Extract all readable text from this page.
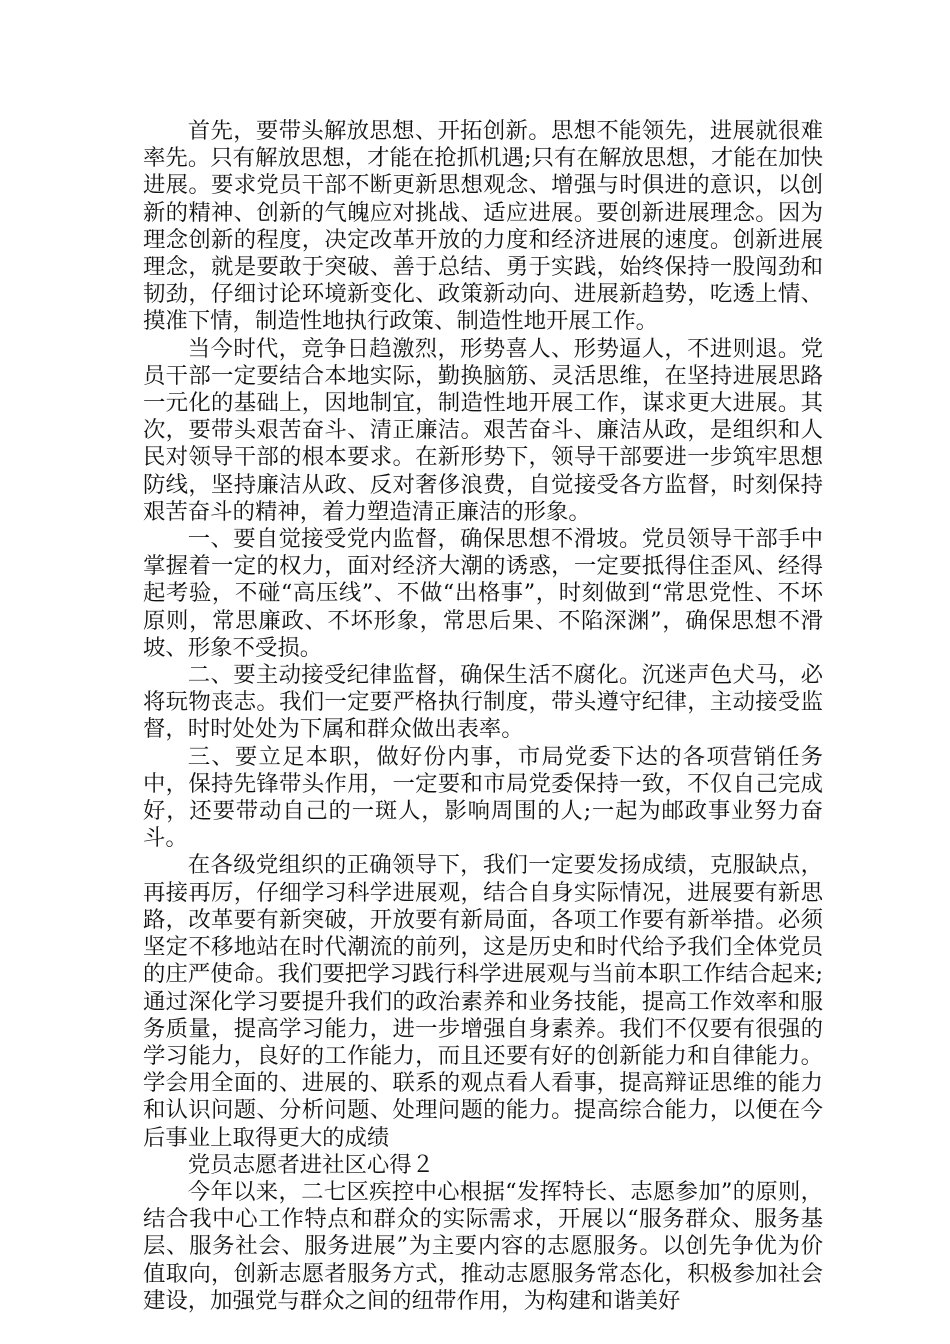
首先，要带头解放思想、开拓创新。思想不能领先，进展就很难率先。只有解放思想，才能在抢抓机遇;只有在解放思想，才能在加快进展。要求党员干部不断更新思想观念、增强与时俱进的意识，以创新的精神、创新的气魄应对挑战、适应进展。要创新进展理念。因为理念创新的程度，决定改革开放的力度和经济进展的速度。创新进展理念，就是要敢于突破、善于总结、勇于实践，始终保持一股闯劲和韧劲，仔细讨论环境新变化、政策新动向、进展新趋势，吃透上情、摸准下情，制造性地执行政策、制造性地开展工作。

当今时代，竞争日趋激烈，形势喜人、形势逼人，不进则退。党员干部一定要结合本地实际，勤换脑筋、灵活思维，在坚持进展思路一元化的基础上，因地制宜，制造性地开展工作，谋求更大进展。其次，要带头艰苦奋斗、清正廉洁。艰苦奋斗、廉洁从政，是组织和人民对领导干部的根本要求。在新形势下，领导干部要进一步筑牢思想防线，坚持廉洁从政、反对奢侈浪费，自觉接受各方监督，时刻保持艰苦奋斗的精神，着力塑造清正廉洁的形象。

一、要自觉接受党内监督，确保思想不滑坡。党员领导干部手中掌握着一定的权力，面对经济大潮的诱惑，一定要抵得住歪风、经得起考验，不碰“高压线”、不做“出格事”，时刻做到“常思党性、不坏原则，常思廉政、不坏形象，常思后果、不陷深渊”，确保思想不滑坡、形象不受损。

二、要主动接受纪律监督，确保生活不腐化。沉迷声色犬马，必将玩物丧志。我们一定要严格执行制度，带头遵守纪律，主动接受监督，时时处处为下属和群众做出表率。

三、要立足本职，做好份内事，市局党委下达的各项营销任务中，保持先锋带头作用，一定要和市局党委保持一致，不仅自己完成好，还要带动自己的一斑人，影响周围的人;一起为邮政事业努力奋斗。

在各级党组织的正确领导下，我们一定要发扬成绩，克服缺点，再接再厉，仔细学习科学进展观，结合自身实际情况，进展要有新思路，改革要有新突破，开放要有新局面，各项工作要有新举措。必须坚定不移地站在时代潮流的前列，这是历史和时代给予我们全体党员的庄严使命。我们要把学习践行科学进展观与当前本职工作结合起来;通过深化学习要提升我们的政治素养和业务技能，提高工作效率和服务质量，提高学习能力，进一步增强自身素养。我们不仅要有很强的学习能力，良好的工作能力，而且还要有好的创新能力和自律能力。学会用全面的、进展的、联系的观点看人看事，提高辩证思维的能力和认识问题、分析问题、处理问题的能力。提高综合能力，以便在今后事业上取得更大的成绩

党员志愿者进社区心得２

今年以来，二七区疾控中心根据“发挥特长、志愿参加”的原则，结合我中心工作特点和群众的实际需求，开展以“服务群众、服务基层、服务社会、服务进展”为主要内容的志愿服务。以创先争优为价值取向，创新志愿者服务方式，推动志愿服务常态化，积极参加社会建设，加强党与群众之间的纽带作用，为构建和谐美好
